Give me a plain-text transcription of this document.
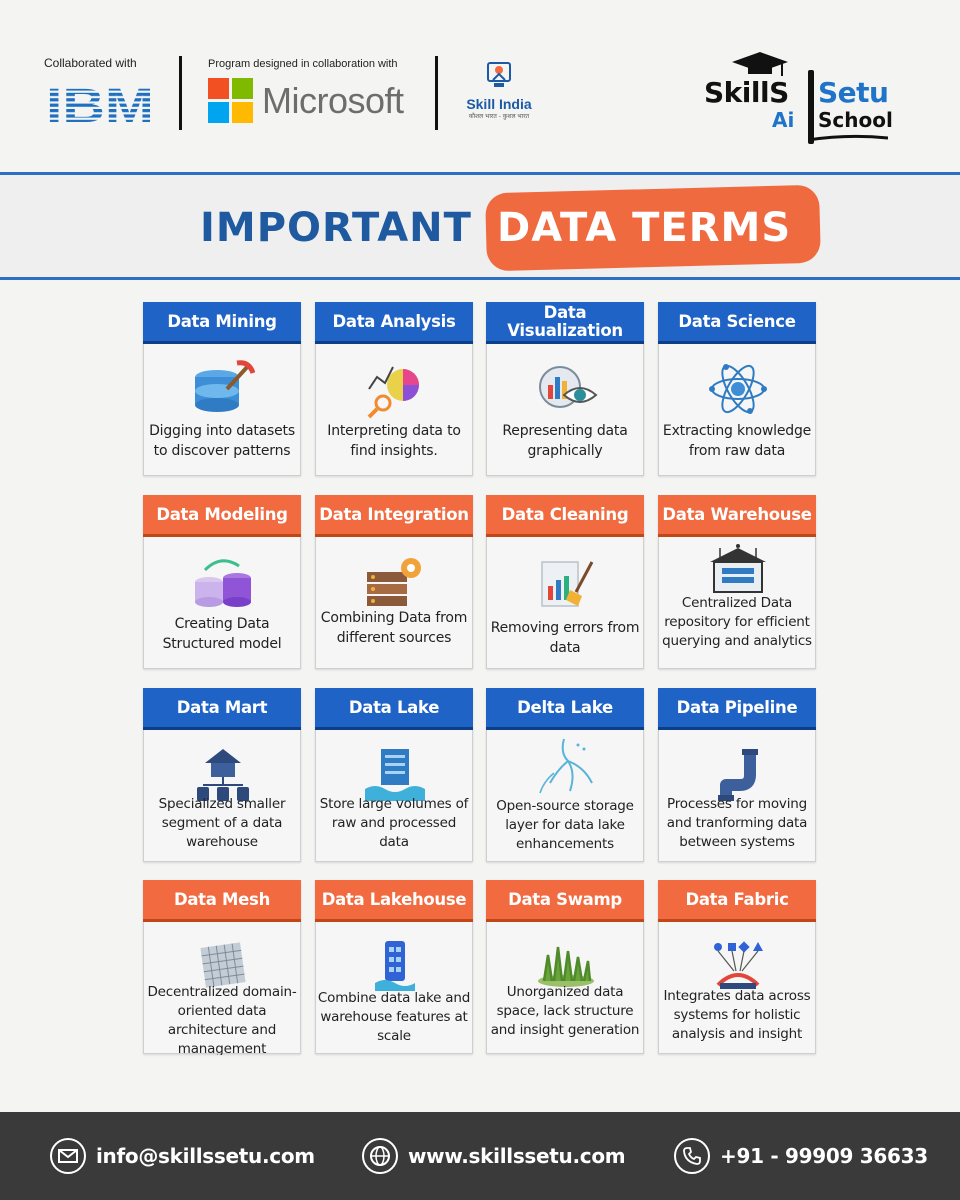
Collaborated with	Program designed in collaboration with
Microsoft	Skill India
कौशल भारत - कुशल भारत
SkillS Setu
Ai School
IMPORTANT DATA TERMS
Data Mining
Digging into datasets to discover patterns
Data Analysis
Interpreting data to find insights.
Data Visualization
Representing data graphically
Data Science
Extracting knowledge from raw data
Data Modeling
Creating Data Structured model
Data Integration
Combining Data from different sources
Data Cleaning
Removing errors from data
Data Warehouse
Centralized Data repository for efficient querying and analytics
Data Mart
Specialized smaller segment of a data warehouse
Data Lake
Store large volumes of raw and processed data
Delta Lake
Open-source storage layer for data lake enhancements
Data Pipeline
Processes for moving and tranforming data between systems
Data Mesh
Decentralized domain-oriented data architecture and management
Data Lakehouse
Combine data lake and warehouse features at scale
Data Swamp
Unorganized data space, lack structure and insight generation
Data Fabric
Integrates data across systems for holistic analysis and insight
info@skillssetu.com	www.skillssetu.com	+91 - 99909 36633
